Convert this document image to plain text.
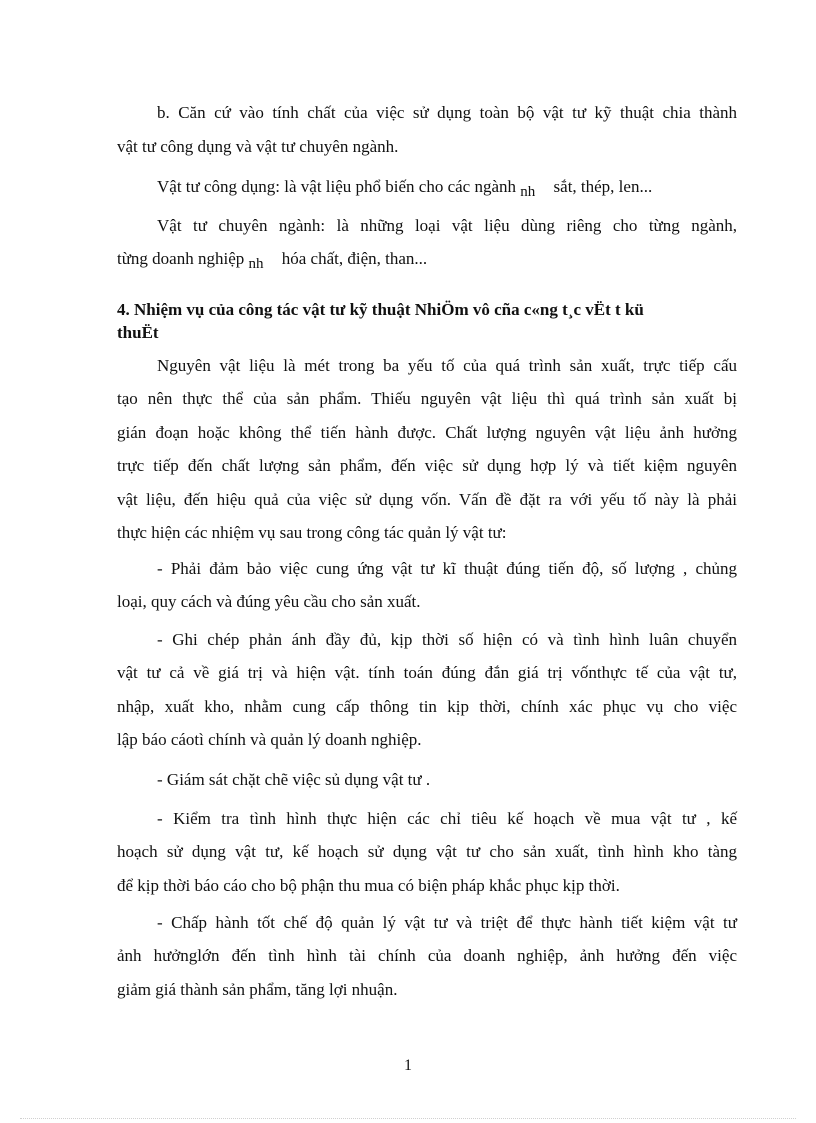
b. Căn cứ vào tính chất của việc sử dụng toàn bộ vật tư kỹ thuật chia thành
vật tư công dụng và vật tư chuyên ngành.
Vật tư công dụng: là vật liệu phổ biến cho các ngành nh sắt, thép, len...
Vật tư chuyên ngành: là những loại vật liệu dùng riêng cho từng ngành,
từng doanh nghiệp nh hóa chất, điện, than...
4. Nhiệm vụ của công tác vật tư kỹ thuật NhiÖm vô cña c«ng t¸c vËt t kü
thuËt
Nguyên vật liệu là mét trong ba yếu tố của quá trình sản xuất, trực tiếp cấu
tạo nên thực thể của sản phẩm. Thiếu nguyên vật liệu thì quá trình sản xuất bị
gián đoạn hoặc không thể tiến hành được. Chất lượng nguyên vật liệu ảnh hưởng
trực tiếp đến chất lượng sản phẩm, đến việc sử dụng hợp lý và tiết kiệm nguyên
vật liệu, đến hiệu quả của việc sử dụng vốn. Vấn đề đặt ra với yếu tố này là phải
thực hiện các nhiệm vụ sau trong công tác quản lý vật tư:
- Phải đảm bảo việc cung ứng vật tư kĩ thuật đúng tiến độ, số lượng , chủng
loại, quy cách và đúng yêu cầu cho sản xuất.
- Ghi chép phản ánh đầy đủ, kịp thời số hiện có và tình hình luân chuyển
vật tư cả về giá trị và hiện vật. tính toán đúng đắn giá trị vốnthực tế của vật tư,
nhập, xuất kho, nhằm cung cấp thông tin kịp thời, chính xác phục vụ cho việc
lập báo cáotì chính và quản lý doanh nghiệp.
- Giám sát chặt chẽ việc sủ dụng vật tư .
- Kiểm tra tình hình thực hiện các chỉ tiêu kế hoạch về mua vật tư , kế
hoạch sử dụng vật tư, kế hoạch sử dụng vật tư cho sản xuất, tình hình kho tàng
để kịp thời báo cáo cho bộ phận thu mua có biện pháp khắc phục kịp thời.
- Chấp hành tốt chế độ quản lý vật tư và triệt để thực hành tiết kiệm vật tư
ảnh hưởnglớn đến tình hình tài chính của doanh nghiệp, ảnh hưởng đến việc
giảm giá thành sản phẩm, tăng lợi nhuận.
1
